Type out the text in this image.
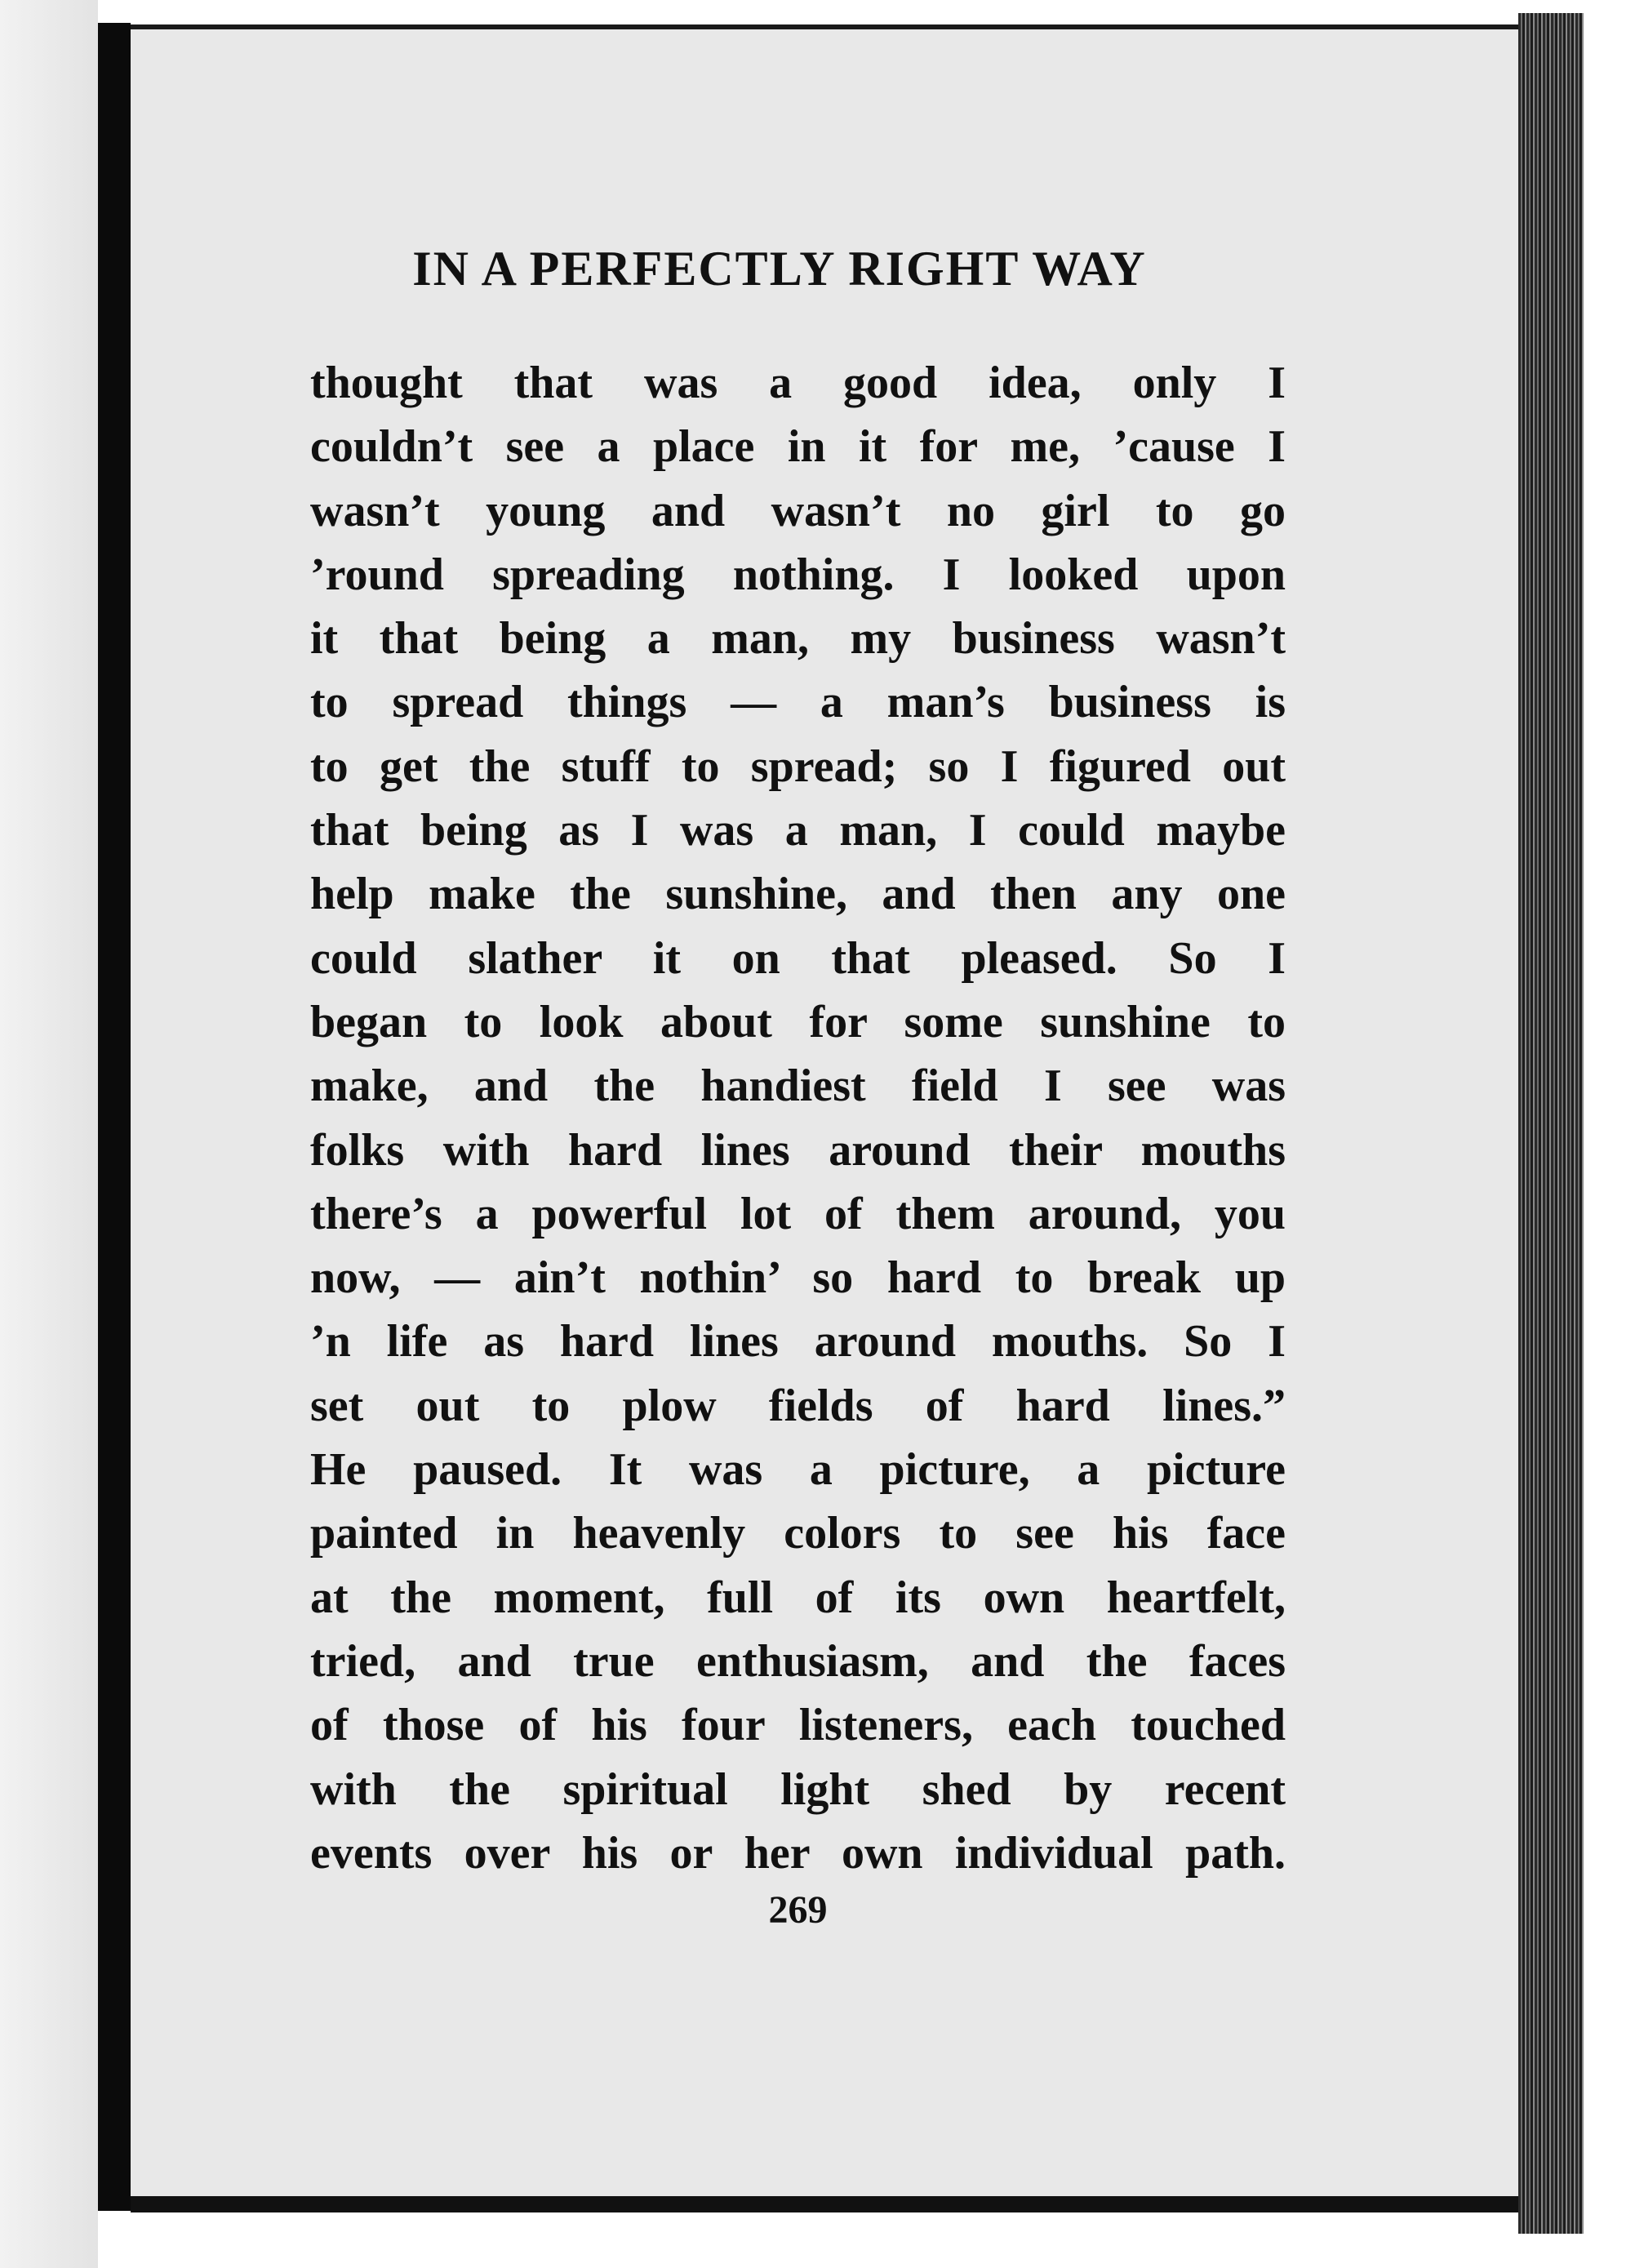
IN A PERFECTLY RIGHT WAY
thought that was a good idea, only I
couldn’t see a place in it for me, ’cause I
wasn’t young and wasn’t no girl to go
’round spreading nothing. I looked upon
it that being a man, my business wasn’t
to spread things — a man’s business is
to get the stuff to spread; so I figured out
that being as I was a man, I could maybe
help make the sunshine, and then any one
could slather it on that pleased. So I
began to look about for some sunshine to
make, and the handiest field I see was
folks with hard lines around their mouths
there’s a powerful lot of them around, you
now, — ain’t nothin’ so hard to break up
’n life as hard lines around mouths. So I
set out to plow fields of hard lines.”
He paused. It was a picture, a picture
painted in heavenly colors to see his face
at the moment, full of its own heartfelt,
tried, and true enthusiasm, and the faces
of those of his four listeners, each touched
with the spiritual light shed by recent
events over his or her own individual path.
269
